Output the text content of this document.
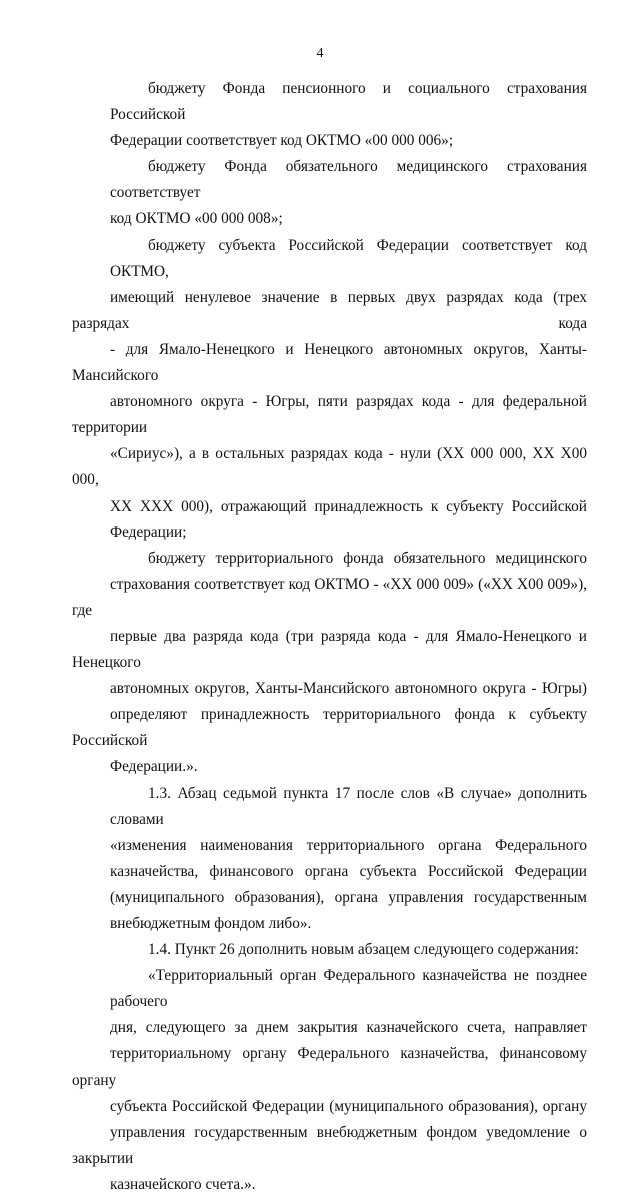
4
бюджету Фонда пенсионного и социального страхования Российской
Федерации соответствует код ОКТМО «00 000 006»;
бюджету Фонда обязательного медицинского страхования соответствует
код ОКТМО «00 000 008»;
бюджету субъекта Российской Федерации соответствует код ОКТМО,
имеющий ненулевое значение в первых двух разрядах кода (трех разрядах кода
- для Ямало-Ненецкого и Ненецкого автономных округов, Ханты-Мансийского
автономного округа - Югры, пяти разрядах кода - для федеральной территории
«Сириус»), а в остальных разрядах кода - нули (XX 000 000, XX X00 000,
XX XXX 000), отражающий принадлежность к субъекту Российской
Федерации;
бюджету территориального фонда обязательного медицинского
страхования соответствует код ОКТМО - «XX 000 009» («XX X00 009»), где
первые два разряда кода (три разряда кода - для Ямало-Ненецкого и Ненецкого
автономных округов, Ханты-Мансийского автономного округа - Югры)
определяют принадлежность территориального фонда к субъекту Российской
Федерации.».
1.3. Абзац седьмой пункта 17 после слов «В случае» дополнить словами
«изменения наименования территориального органа Федерального
казначейства, финансового органа субъекта Российской Федерации
(муниципального образования), органа управления государственным
внебюджетным фондом либо».
1.4. Пункт 26 дополнить новым абзацем следующего содержания:
«Территориальный орган Федерального казначейства не позднее рабочего
дня, следующего за днем закрытия казначейского счета, направляет
территориальному органу Федерального казначейства, финансовому органу
субъекта Российской Федерации (муниципального образования), органу
управления государственным внебюджетным фондом уведомление о закрытии
казначейского счета.».
